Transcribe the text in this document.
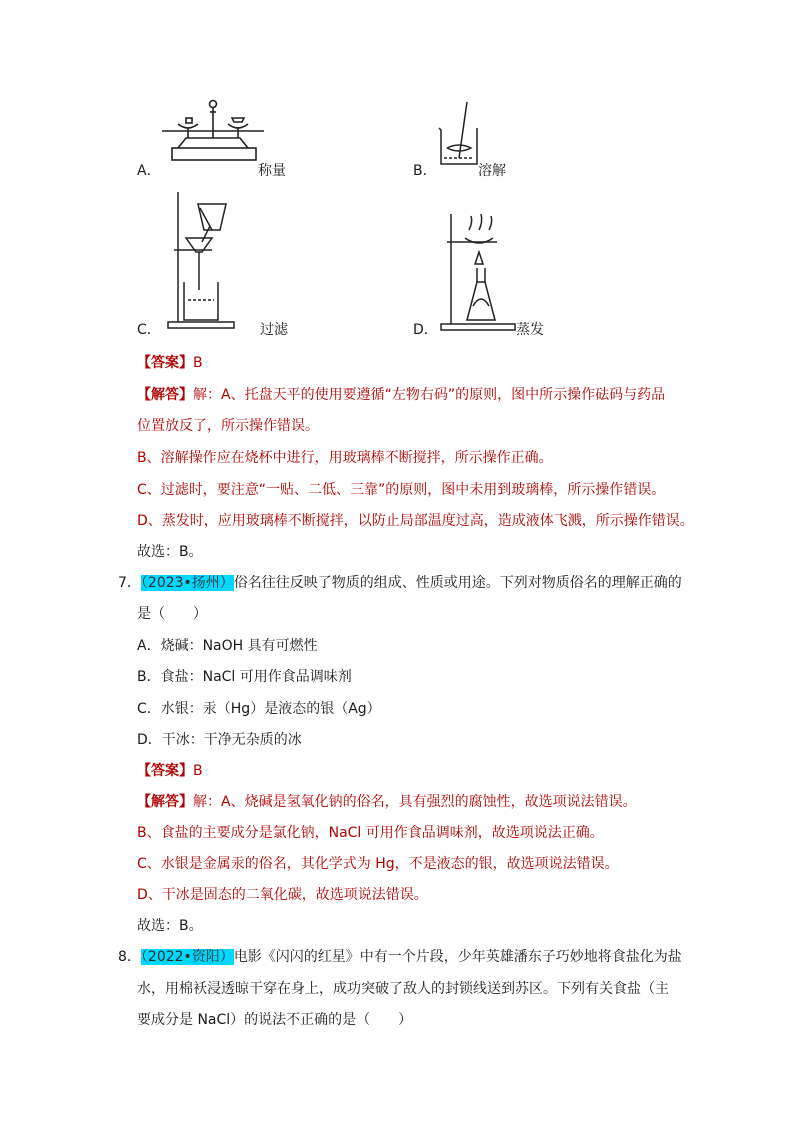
A．	称量	B．	溶解
C．	过滤	D．	蒸发
【答案】B
【解答】解：A、托盘天平的使用要遵循“左物右码”的原则，图中所示操作砝码与药品
位置放反了，所示操作错误。
B、溶解操作应在烧杯中进行，用玻璃棒不断搅拌，所示操作正确。
C、过滤时，要注意“一贴、二低、三靠”的原则，图中未用到玻璃棒，所示操作错误。
D、蒸发时，应用玻璃棒不断搅拌，以防止局部温度过高，造成液体飞溅，所示操作错误。
故选：B。
7．（2023•扬州）俗名往往反映了物质的组成、性质或用途。下列对物质俗名的理解正确的
是（　　）
A．烧碱：NaOH 具有可燃性
B．食盐：NaCl 可用作食品调味剂
C．水银：汞（Hg）是液态的银（Ag）
D．干冰：干净无杂质的冰
【答案】B
【解答】解：A、烧碱是氢氧化钠的俗名，具有强烈的腐蚀性，故选项说法错误。
B、食盐的主要成分是氯化钠，NaCl 可用作食品调味剂，故选项说法正确。
C、水银是金属汞的俗名，其化学式为 Hg，不是液态的银，故选项说法错误。
D、干冰是固态的二氧化碳，故选项说法错误。
故选：B。
8．（2022•资阳）电影《闪闪的红星》中有一个片段，少年英雄潘东子巧妙地将食盐化为盐
水，用棉袄浸透晾干穿在身上，成功突破了敌人的封锁线送到苏区。下列有关食盐（主
要成分是 NaCl）的说法不正确的是（　　）
